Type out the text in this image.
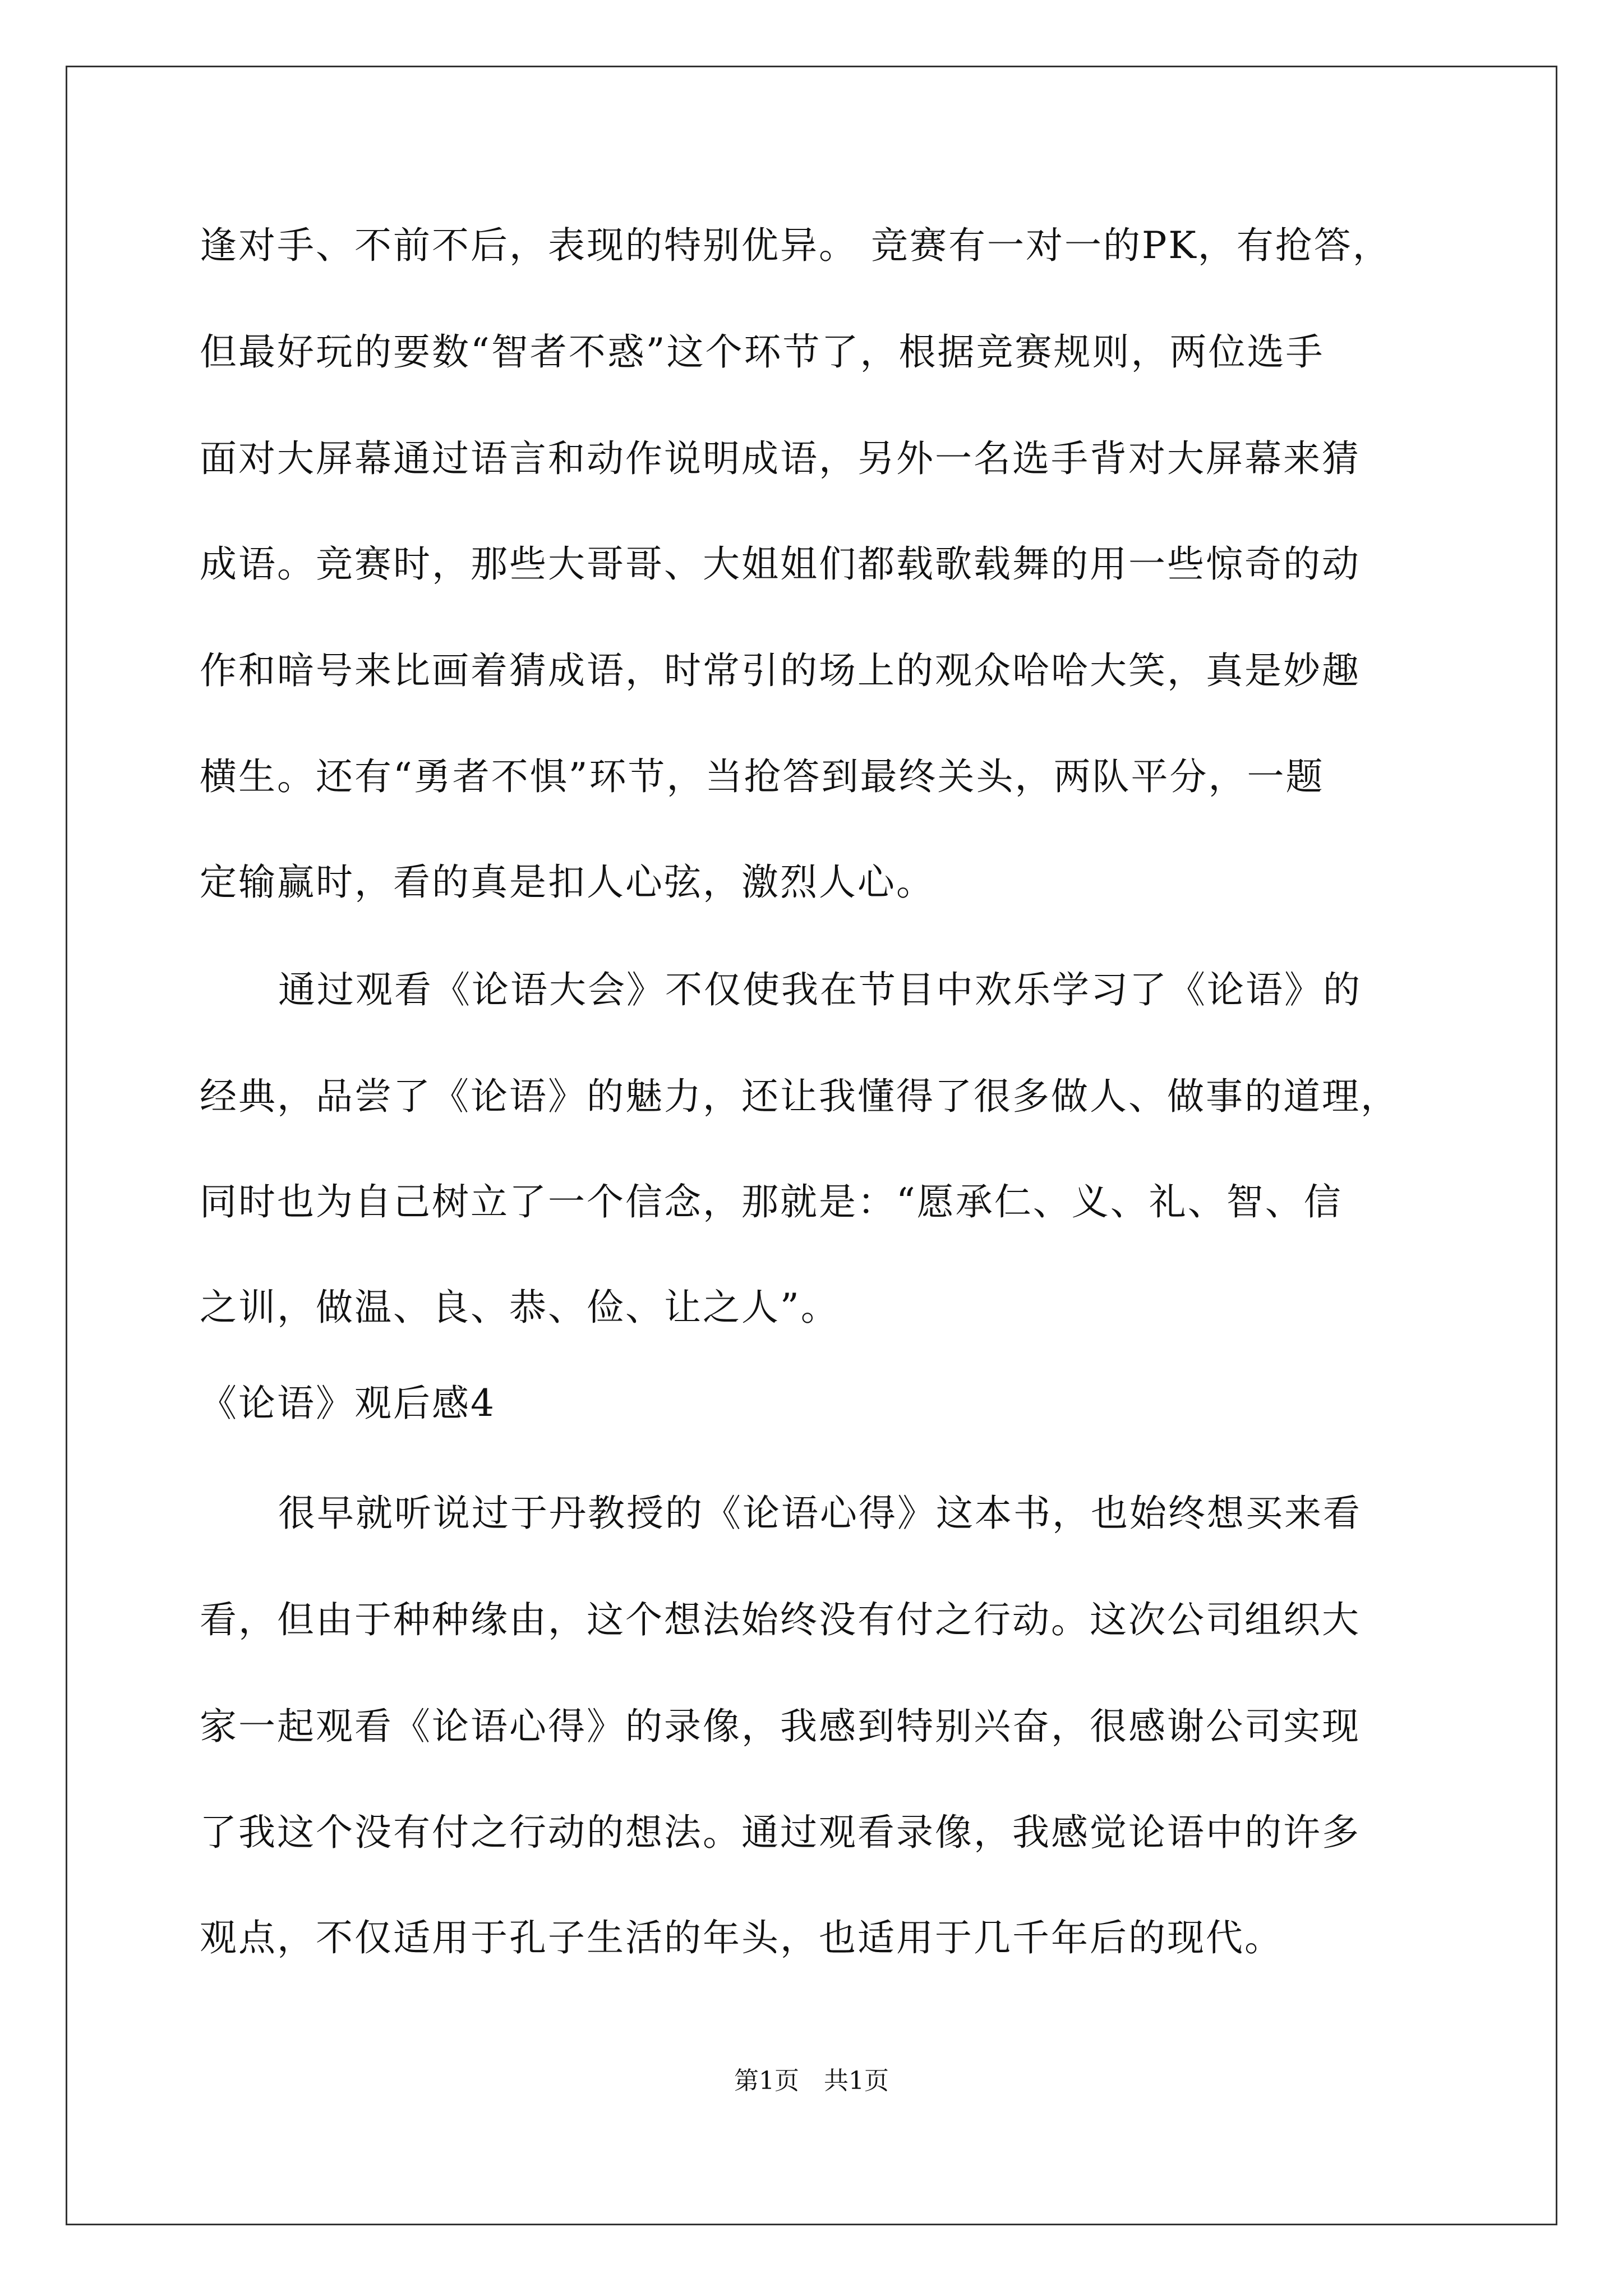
逢对手、不前不后，表现的特别优异。 竞赛有一对一的PK，有抢答，
但最好玩的要数“智者不惑”这个环节了，根据竞赛规则，两位选手
面对大屏幕通过语言和动作说明成语，另外一名选手背对大屏幕来猜
成语。竞赛时，那些大哥哥、大姐姐们都载歌载舞的用一些惊奇的动
作和暗号来比画着猜成语，时常引的场上的观众哈哈大笑，真是妙趣
横生。还有“勇者不惧”环节，当抢答到最终关头，两队平分，一题
定输赢时，看的真是扣人心弦，激烈人心。
通过观看《论语大会》不仅使我在节目中欢乐学习了《论语》的
经典，品尝了《论语》的魅力，还让我懂得了很多做人、做事的道理，
同时也为自己树立了一个信念，那就是：“愿承仁、义、礼、智、信
之训，做温、良、恭、俭、让之人”。
《论语》观后感4
很早就听说过于丹教授的《论语心得》这本书，也始终想买来看
看，但由于种种缘由，这个想法始终没有付之行动。这次公司组织大
家一起观看《论语心得》的录像，我感到特别兴奋，很感谢公司实现
了我这个没有付之行动的想法。通过观看录像，我感觉论语中的许多
观点，不仅适用于孔子生活的年头，也适用于几千年后的现代。
第1页　共1页
